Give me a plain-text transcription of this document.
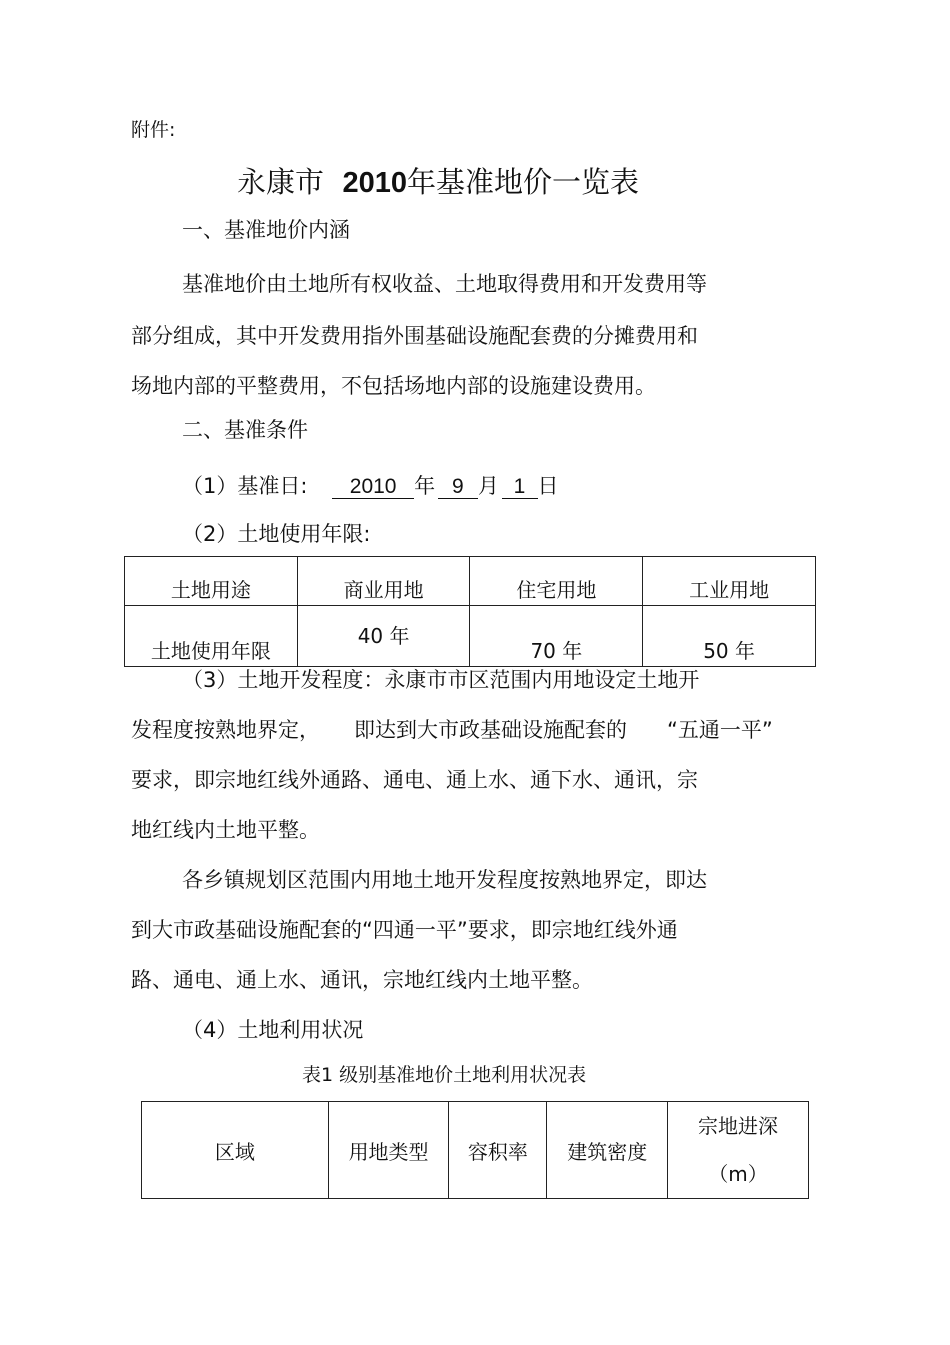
附件:
永康市 2010年基准地价一览表
一、基准地价内涵
基准地价由土地所有权收益、土地取得费用和开发费用等
部分组成，其中开发费用指外围基础设施配套费的分摊费用和
场地内部的平整费用，不包括场地内部的设施建设费用。
二、基准条件
（1）基准日: 2010 年 9 月 1 日
（2）土地使用年限:
土地用途	商业用地	住宅用地	工业用地
土地使用年限	40 年	70 年	50 年
（3）土地开发程度：永康市市区范围内用地设定土地开
发程度按熟地界定， 即达到大市政基础设施配套的 “五通一平”
要求，即宗地红线外通路、通电、通上水、通下水、通讯，宗
地红线内土地平整。
各乡镇规划区范围内用地土地开发程度按熟地界定，即达
到大市政基础设施配套的“四通一平”要求，即宗地红线外通
路、通电、通上水、通讯，宗地红线内土地平整。
（4）土地利用状况
表1 级别基准地价土地利用状况表
区域	用地类型	容积率	建筑密度	
宗地进深
（m）
